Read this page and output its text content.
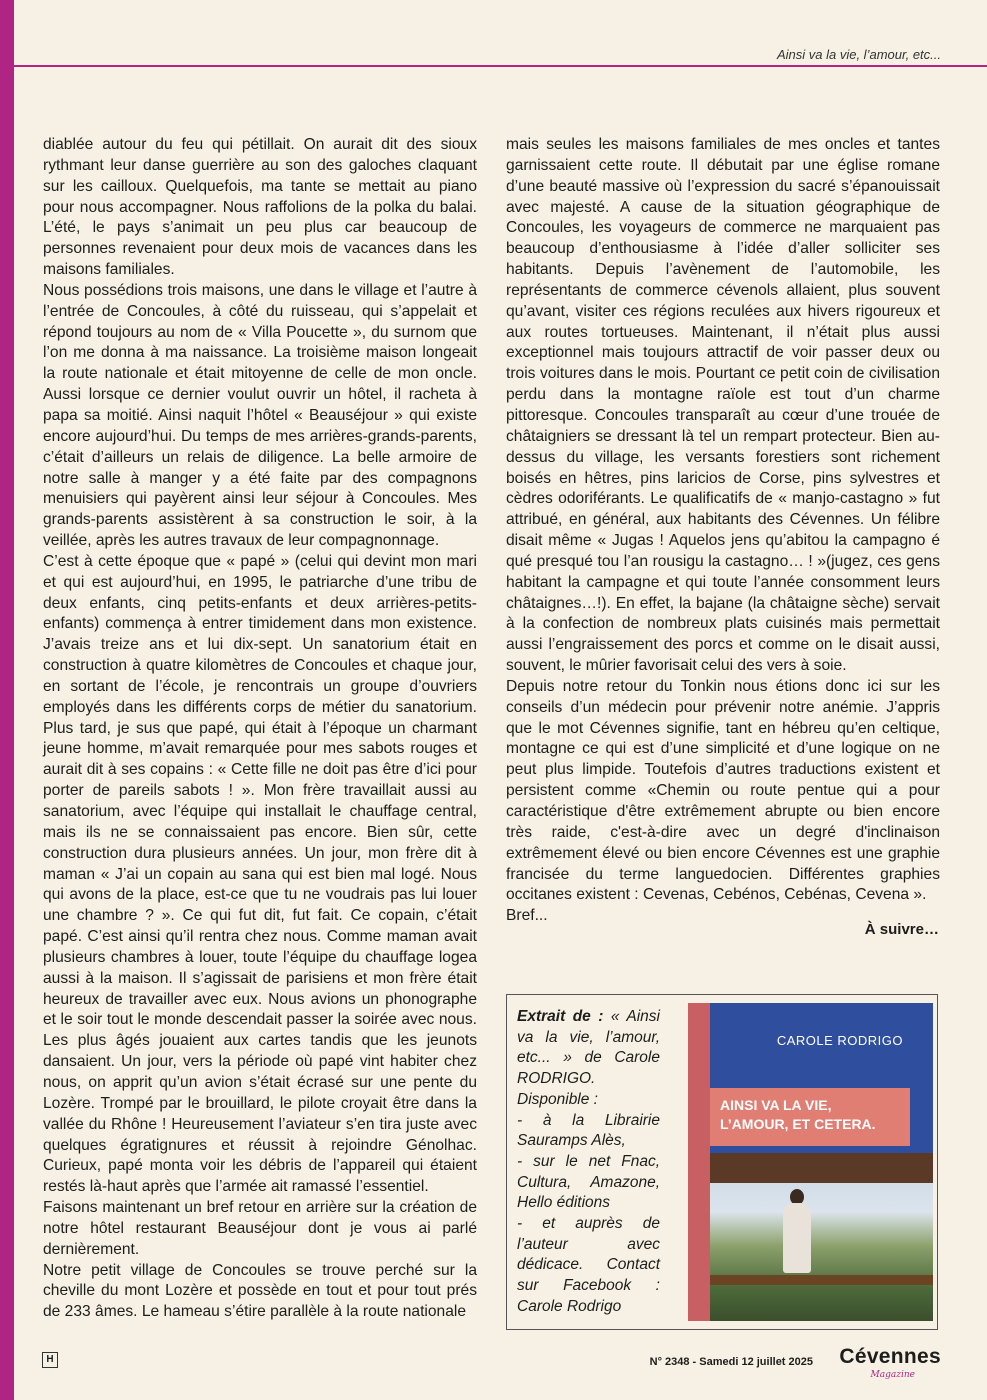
Ainsi va la vie, l’amour, etc...

diablée autour du feu qui pétillait. On aurait dit des sioux rythmant leur danse guerrière au son des galoches claquant sur les cailloux. Quelquefois, ma tante se mettait au piano pour nous accompagner. Nous raffolions de la polka du balai. L’été, le pays s’animait un peu plus car beaucoup de personnes revenaient pour deux mois de vacances dans les maisons familiales.

Nous possédions trois maisons, une dans le village et l’autre à l’entrée de Concoules, à côté du ruisseau, qui s’appelait et répond toujours au nom de « Villa Poucette », du surnom que l’on me donna à ma naissance. La troisième maison longeait la route nationale et était mitoyenne de celle de mon oncle. Aussi lorsque ce dernier voulut ouvrir un hôtel, il racheta à papa sa moitié. Ainsi naquit l’hôtel « Beauséjour » qui existe encore aujourd’hui. Du temps de mes arrières-grands-parents, c’était d’ailleurs un relais de diligence. La belle armoire de notre salle à manger y a été faite par des compagnons menuisiers qui payèrent ainsi leur séjour à Concoules. Mes grands-parents assistèrent à sa construction le soir, à la veillée, après les autres travaux de leur compagnonnage.

C’est à cette époque que « papé » (celui qui devint mon mari et qui est aujourd’hui, en 1995, le patriarche d’une tribu de deux enfants, cinq petits-enfants et deux arrières-petits-enfants) commença à entrer timidement dans mon existence. J’avais treize ans et lui dix-sept. Un sanatorium était en construction à quatre kilomètres de Concoules et chaque jour, en sortant de l’école, je rencontrais un groupe d’ouvriers employés dans les différents corps de métier du sanatorium. Plus tard, je sus que papé, qui était à l’époque un charmant jeune homme, m’avait remarquée pour mes sabots rouges et aurait dit à ses copains : « Cette fille ne doit pas être d’ici pour porter de pareils sabots ! ». Mon frère travaillait aussi au sanatorium, avec l’équipe qui installait le chauffage central, mais ils ne se connaissaient pas encore. Bien sûr, cette construction dura plusieurs années. Un jour, mon frère dit à maman « J’ai un copain au sana qui est bien mal logé. Nous qui avons de la place, est-ce que tu ne voudrais pas lui louer une chambre ? ». Ce qui fut dit, fut fait. Ce copain, c’était papé. C’est ainsi qu’il rentra chez nous. Comme maman avait plusieurs chambres à louer, toute l’équipe du chauffage logea aussi à la maison. Il s’agissait de parisiens et mon frère était heureux de travailler avec eux. Nous avions un phonographe et le soir tout le monde descendait passer la soirée avec nous. Les plus âgés jouaient aux cartes tandis que les jeunots dansaient. Un jour, vers la période où papé vint habiter chez nous, on apprit qu’un avion s’était écrasé sur une pente du Lozère. Trompé par le brouillard, le pilote croyait être dans la vallée du Rhône ! Heureusement l’aviateur s’en tira juste avec quelques égratignures et réussit à rejoindre Génolhac. Curieux, papé monta voir les débris de l’appareil qui étaient restés là-haut après que l’armée ait ramassé l’essentiel.

Faisons maintenant un bref retour en arrière sur la création de notre hôtel restaurant Beauséjour dont je vous ai parlé dernièrement.

Notre petit village de Concoules se trouve perché sur la cheville du mont Lozère et possède en tout et pour tout prés de 233 âmes. Le hameau s’étire parallèle à la route nationale

mais seules les maisons familiales de mes oncles et tantes garnissaient cette route. Il débutait par une église romane d’une beauté massive où l’expression du sacré s’épanouissait avec majesté. A cause de la situation géographique de Concoules, les voyageurs de commerce ne marquaient pas beaucoup d’enthousiasme à l’idée d’aller solliciter ses habitants. Depuis l’avènement de l’automobile, les représentants de commerce cévenols allaient, plus souvent qu’avant, visiter ces régions reculées aux hivers rigoureux et aux routes tortueuses. Maintenant, il n’était plus aussi exceptionnel mais toujours attractif de voir passer deux ou trois voitures dans le mois. Pourtant ce petit coin de civilisation perdu dans la montagne raïole est tout d’un charme pittoresque. Concoules transparaît au cœur d’une trouée de châtaigniers se dressant là tel un rempart protecteur. Bien au-dessus du village, les versants forestiers sont richement boisés en hêtres, pins laricios de Corse, pins sylvestres et cèdres odoriférants. Le qualificatifs de « manjo-castagno » fut attribué, en général, aux habitants des Cévennes. Un félibre disait même « Jugas ! Aquelos jens qu’abitou la campagno é qué presqué tou l’an rousigu la castagno… ! »(jugez, ces gens habitant la campagne et qui toute l’année consomment leurs châtaignes…!). En effet, la bajane (la châtaigne sèche) servait à la confection de nombreux plats cuisinés mais permettait aussi l’engraissement des porcs et comme on le disait aussi, souvent, le mûrier favorisait celui des vers à soie.

Depuis notre retour du Tonkin nous étions donc ici sur les conseils d’un médecin pour prévenir notre anémie. J’appris que le mot Cévennes signifie, tant en hébreu qu’en celtique, montagne ce qui est d’une simplicité et d’une logique on ne peut plus limpide. Toutefois d’autres traductions existent et persistent comme «Chemin ou route pentue qui a pour caractéristique d'être extrêmement abrupte ou bien encore très raide, c'est-à-dire avec un degré d'inclinaison extrêmement élevé ou bien encore Cévennes est une graphie francisée du terme languedocien. Différentes graphies occitanes existent : Cevenas, Cebénos, Cebénas, Cevena ».

Bref...

À suivre…

Extrait de : « Ainsi va la vie, l’amour, etc... » de Carole RODRIGO.

Disponible :

- à la Librairie Sauramps Alès,

- sur le net Fnac, Cultura, Amazone, Hello éditions

- et auprès de l’auteur avec dédicace. Contact sur Facebook : Carole Rodrigo

CAROLE RODRIGO
AINSI VA LA VIE, L’AMOUR, ET CETERA.
H	N° 2348 - Samedi 12 juillet 2025 Cévennes
Magazine
